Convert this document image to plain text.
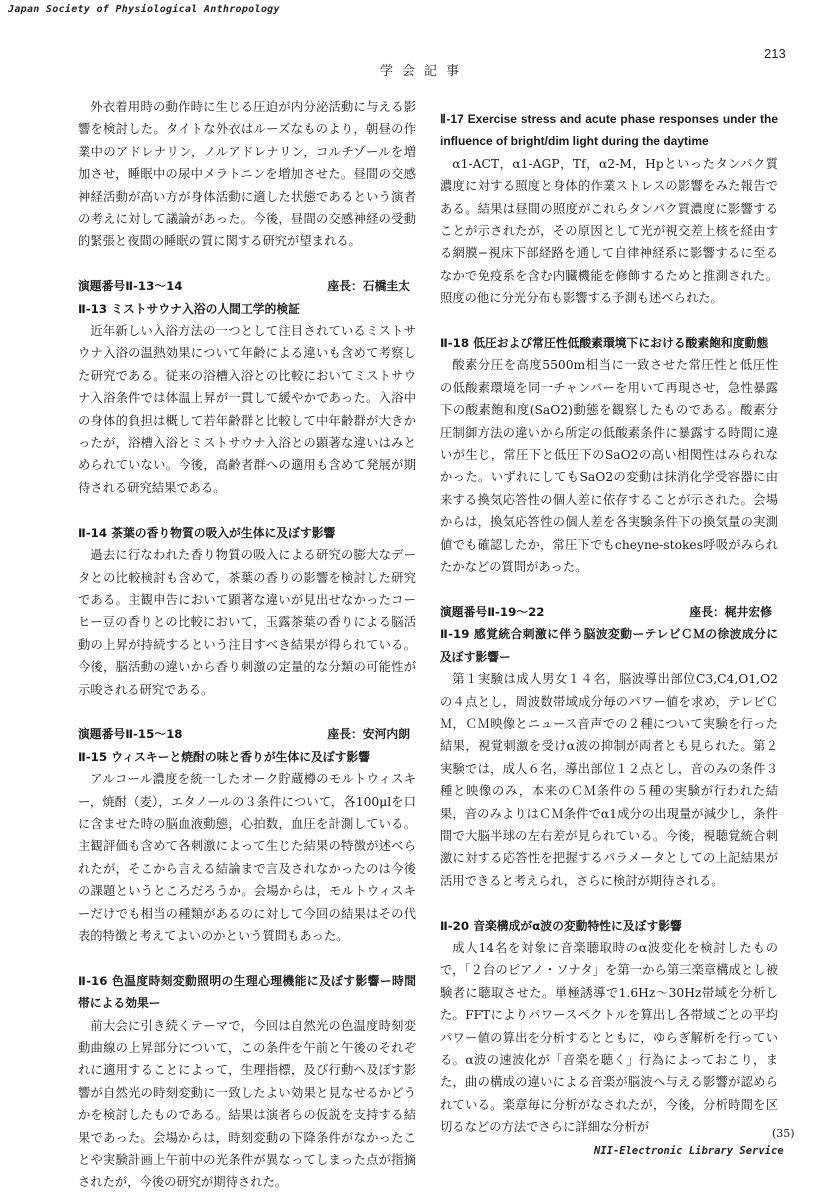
Japan Society of Physiological Anthropology
213
学会記事

外衣着用時の動作時に生じる圧迫が内分泌活動に与える影響を検討した。タイトな外衣はルーズなものより，朝昼の作業中のアドレナリン，ノルアドレナリン，コルチゾールを増加させ，睡眠中の尿中メラトニンを増加させた。昼間の交感神経活動が高い方が身体活動に適した状態であるという演者の考えに対して議論があった。今後，昼間の交感神経の受動的緊張と夜間の睡眠の質に関する研究が望まれる。

演題番号Ⅱ-13〜14	座長：石橋圭太

Ⅱ-13 ミストサウナ入浴の人間工学的検証

近年新しい入浴方法の一つとして注目されているミストサウナ入浴の温熱効果について年齢による違いも含めて考察した研究である。従来の浴槽入浴との比較においてミストサウナ入浴条件では体温上昇が一貫して緩やかであった。入浴中の身体的負担は概して若年齢群と比較して中年齢群が大きかったが，浴槽入浴とミストサウナ入浴との顕著な違いはみとめられていない。今後，高齢者群への適用も含めて発展が期待される研究結果である。

Ⅱ-14 茶葉の香り物質の吸入が生体に及ぼす影響

過去に行なわれた香り物質の吸入による研究の膨大なデータとの比較検討も含めて，茶葉の香りの影響を検討した研究である。主観申告において顕著な違いが見出せなかったコーヒー豆の香りとの比較において，玉露茶葉の香りによる脳活動の上昇が持続するという注目すべき結果が得られている。今後，脳活動の違いから香り刺激の定量的な分類の可能性が示唆される研究である。

演題番号Ⅱ-15〜18	座長：安河内朗

Ⅱ-15 ウィスキーと焼酎の味と香りが生体に及ぼす影響

アルコール濃度を統一したオーク貯蔵樽のモルトウィスキー，焼酎（麦），エタノールの３条件について，各100μlを口に含ませた時の脳血液動態，心拍数，血圧を計測している。主観評価も含めて各刺激によって生じた結果の特徴が述べられたが，そこから言える結論まで言及されなかったのは今後の課題というところだろうか。会場からは，モルトウィスキーだけでも相当の種類があるのに対して今回の結果はその代表的特徴と考えてよいのかという質問もあった。

Ⅱ-16 色温度時刻変動照明の生理心理機能に及ぼす影響ー時間帯による効果ー

前大会に引き続くテーマで，今回は自然光の色温度時刻変動曲線の上昇部分について，この条件を午前と午後のそれぞれに適用することによって，生理指標，及び行動へ及ぼす影響が自然光の時刻変動に一致したよい効果と見なせるかどうかを検討したものである。結果は演者らの仮説を支持する結果であった。会場からは，時刻変動の下降条件がなかったことや実験計画上午前中の光条件が異なってしまった点が指摘されたが，今後の研究が期待された。

Ⅱ-17 Exercise stress and acute phase responses under the influence of bright/dim light during the daytime

α1-ACT，α1-AGP，Tf，α2-M，Hpといったタンパク質濃度に対する照度と身体的作業ストレスの影響をみた報告である。結果は昼間の照度がこれらタンパク質濃度に影響することが示されたが，その原因として光が視交差上核を経由する網膜−視床下部経路を通して自律神経系に影響するに至るなかで免疫系を含む内臓機能を修飾するためと推測された。照度の他に分光分布も影響する予測も述べられた。

Ⅱ-18 低圧および常圧性低酸素環境下における酸素飽和度動態

酸素分圧を高度5500m相当に一致させた常圧性と低圧性の低酸素環境を同一チャンバーを用いて再現させ，急性暴露下の酸素飽和度(SaO2)動態を観察したものである。酸素分圧制御方法の違いから所定の低酸素条件に暴露する時間に違いが生じ，常圧下と低圧下のSaO2の高い相関性はみられなかった。いずれにしてもSaO2の変動は抹消化学受容器に由来する換気応答性の個人差に依存することが示された。会場からは，換気応答性の個人差を各実験条件下の換気量の実測値でも確認したか，常圧下でもcheyne-stokes呼吸がみられたかなどの質問があった。

演題番号Ⅱ-19〜22	座長：梶井宏修

Ⅱ-19 感覚統合刺激に伴う脳波変動ーテレビＣＭの徐波成分に及ぼす影響ー

第１実験は成人男女１４名，脳波導出部位C3,C4,O1,O2の４点とし，周波数帯域成分毎のパワー値を求め，テレビＣＭ，ＣＭ映像とニュース音声での２種について実験を行った結果，視覚刺激を受けα波の抑制が両者とも見られた。第２実験では，成人６名，導出部位１２点とし，音のみの条件３種と映像のみ，本来のＣＭ条件の５種の実験が行われた結果，音のみよりはＣＭ条件でα1成分の出現量が減少し，条件間で大脳半球の左右差が見られている。今後，視聴覚統合刺激に対する応答性を把握するパラメータとしての上記結果が活用できると考えられ，さらに検討が期待される。

Ⅱ-20 音楽構成がα波の変動特性に及ぼす影響

成人14名を対象に音楽聴取時のα波変化を検討したもので，「２台のピアノ・ソナタ」を第一から第三楽章構成とし被験者に聴取させた。単極誘導で1.6Hz〜30Hz帯域を分析した。FFTによりパワースペクトルを算出し各帯域ごとの平均パワー値の算出を分析するとともに，ゆらぎ解析を行っている。α波の速波化が「音楽を聴く」行為によっておこり，また，曲の構成の違いによる音楽が脳波へ与える影響が認められている。楽章毎に分析がなされたが，今後，分析時間を区切るなどの方法でさらに詳細な分析が	(35)
NII-Electronic Library Service
